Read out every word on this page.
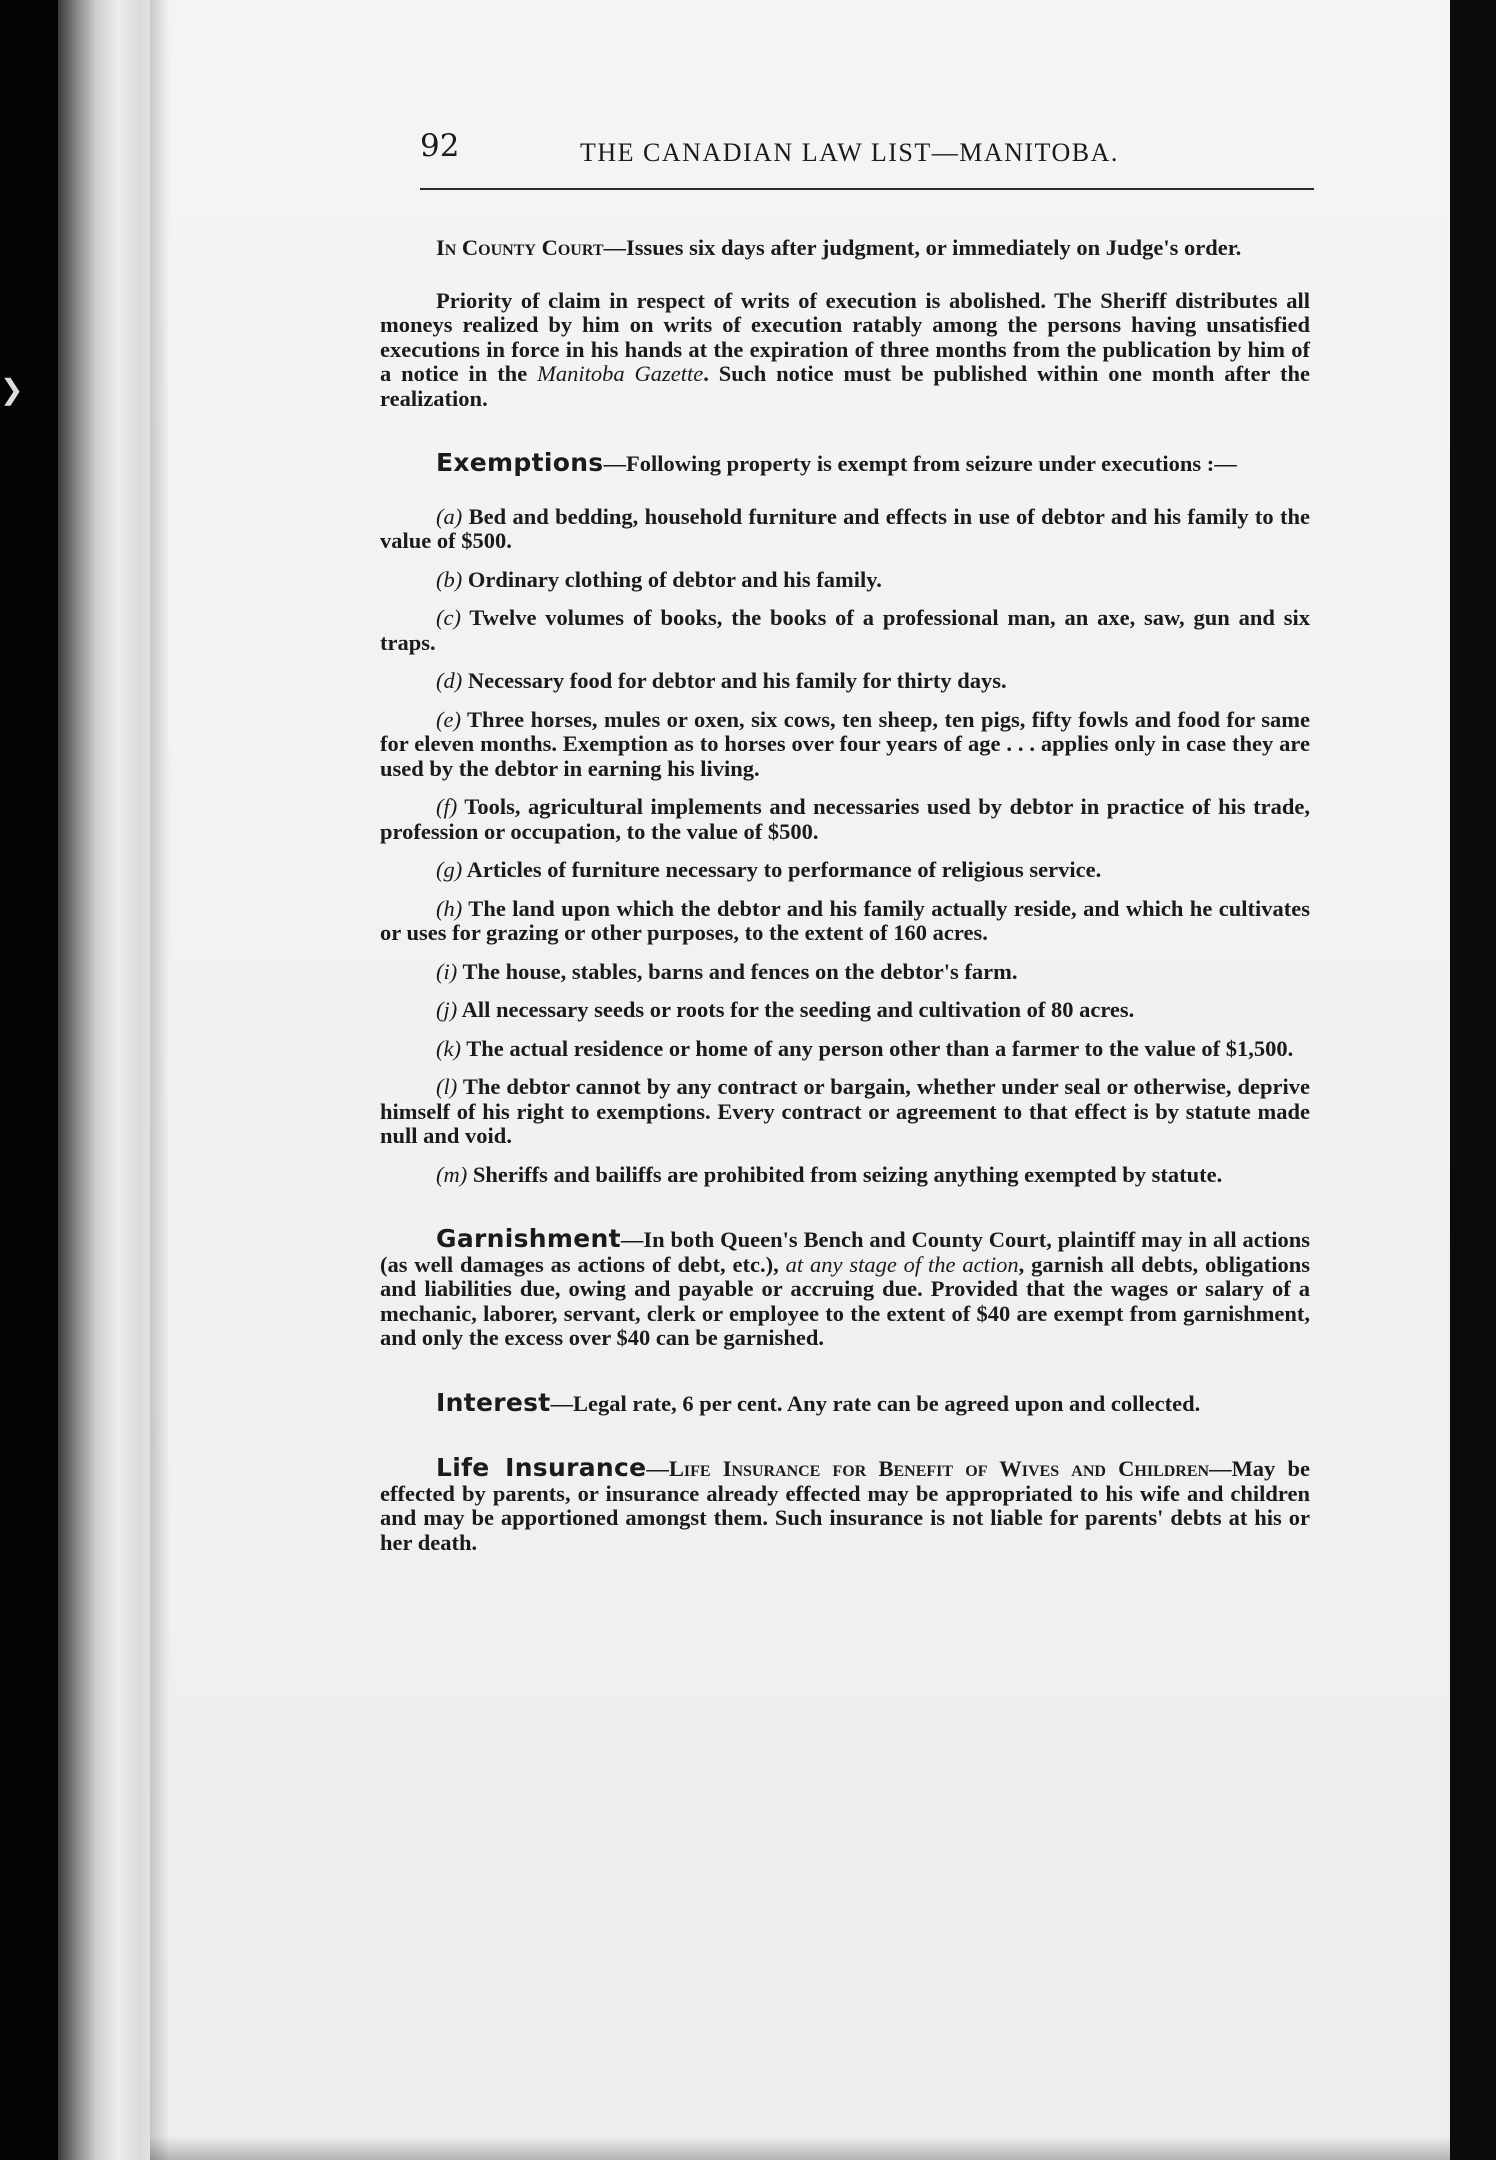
❯
92	THE CANADIAN LAW LIST—MANITOBA.

In County Court—Issues six days after judgment, or immediately on Judge's order.

Priority of claim in respect of writs of execution is abolished. The Sheriff distributes all moneys realized by him on writs of execution ratably among the persons having unsatisfied executions in force in his hands at the expiration of three months from the publication by him of a notice in the Manitoba Gazette. Such notice must be published within one month after the realization.

Exemptions—Following property is exempt from seizure under executions :—

(a) Bed and bedding, household furniture and effects in use of debtor and his family to the value of $500.

(b) Ordinary clothing of debtor and his family.

(c) Twelve volumes of books, the books of a professional man, an axe, saw, gun and six traps.

(d) Necessary food for debtor and his family for thirty days.

(e) Three horses, mules or oxen, six cows, ten sheep, ten pigs, fifty fowls and food for same for eleven months. Exemption as to horses over four years of age . . . applies only in case they are used by the debtor in earning his living.

(f) Tools, agricultural implements and necessaries used by debtor in practice of his trade, profession or occupation, to the value of $500.

(g) Articles of furniture necessary to performance of religious service.

(h) The land upon which the debtor and his family actually reside, and which he cultivates or uses for grazing or other purposes, to the extent of 160 acres.

(i) The house, stables, barns and fences on the debtor's farm.

(j) All necessary seeds or roots for the seeding and cultivation of 80 acres.

(k) The actual residence or home of any person other than a farmer to the value of $1,500.

(l) The debtor cannot by any contract or bargain, whether under seal or otherwise, deprive himself of his right to exemptions. Every contract or agreement to that effect is by statute made null and void.

(m) Sheriffs and bailiffs are prohibited from seizing anything exempted by statute.

Garnishment—In both Queen's Bench and County Court, plaintiff may in all actions (as well damages as actions of debt, etc.), at any stage of the action, garnish all debts, obligations and liabilities due, owing and payable or accruing due. Provided that the wages or salary of a mechanic, laborer, servant, clerk or employee to the extent of $40 are exempt from garnishment, and only the excess over $40 can be garnished.

Interest—Legal rate, 6 per cent. Any rate can be agreed upon and collected.

Life Insurance—Life Insurance for Benefit of Wives and Children—May be effected by parents, or insurance already effected may be appropriated to his wife and children and may be apportioned amongst them. Such insurance is not liable for parents' debts at his or her death.
